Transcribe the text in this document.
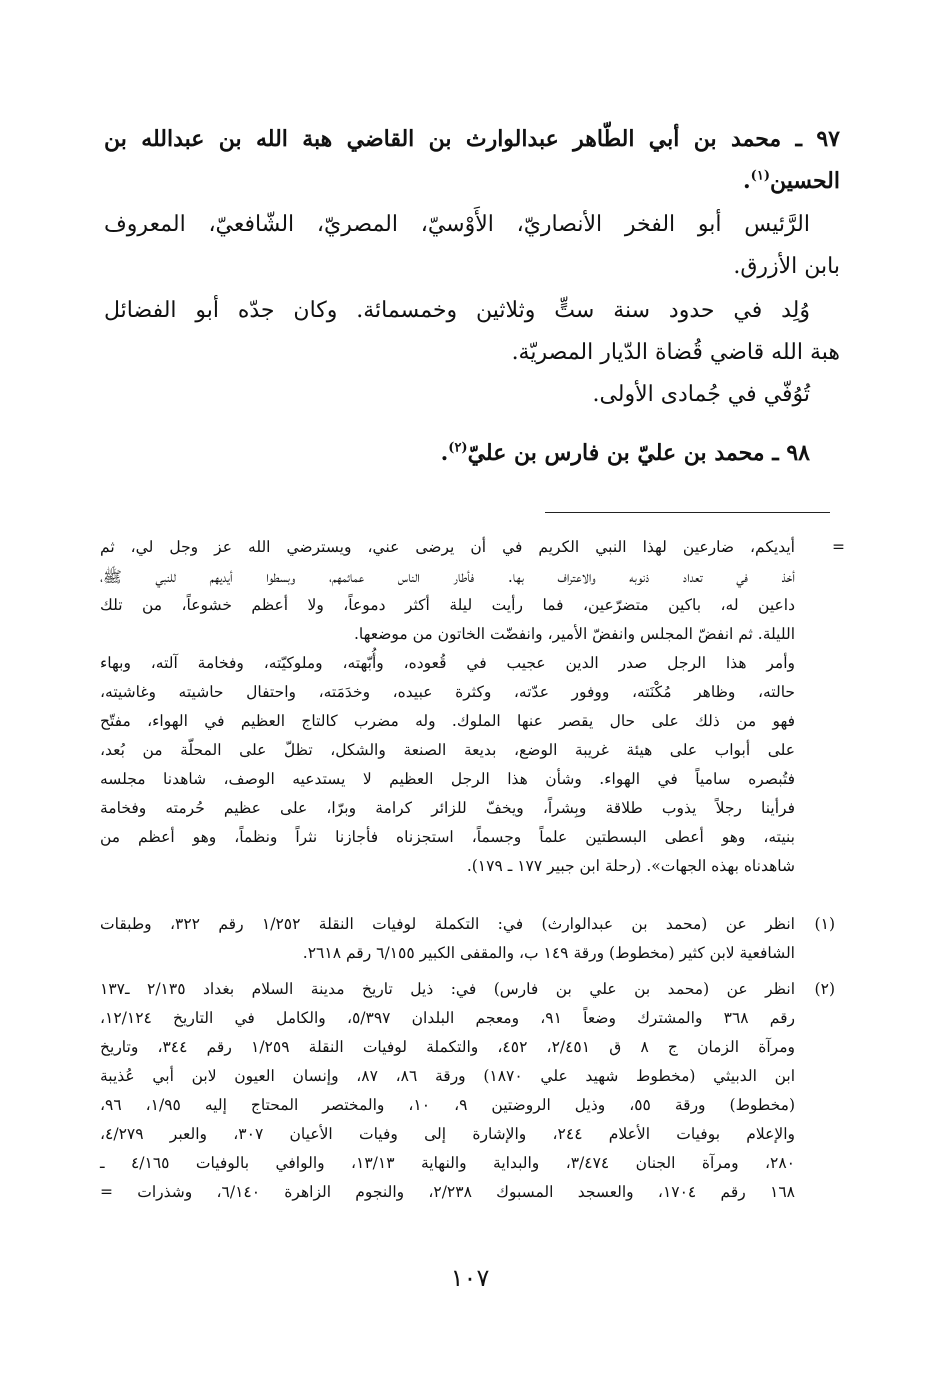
٩٧ ـ محمد بن أبي الطّاهر عبدالوارث بن القاضي هبة الله بن عبدالله بن
الحسين$^{(١)}$.
الرَّئيس أبو الفخر الأنصاريّ، الأَوْسيّ، المصريّ، الشّافعيّ، المعروف
بابن الأزرق.
وُلِد في حدود سنة ستٍّ وثلاثين وخمسمائة. وكان جدّه أبو الفضائل
هبة الله قاضي قُضاة الدّيار المصريّة.
تُوُفّي في جُمادى الأولى.
٩٨ ـ محمد بن عليّ بن فارس بن عليّ$^{(٢)}$.
=
أيديكم، ضارعين لهذا النبي الكريم في أن يرضى عني، ويسترضي الله عز وجل لي، ثم
أخذ في تعداد ذنوبه والاعتراف بها. فأطار الناس عمائمهم، وبسطوا أيديهم للنبي ﷺ،
داعين له، باكين متضرّعين، فما رأيت ليلة أكثر دموعاً، ولا أعظم خشوعاً، من تلك
الليلة. ثم انفضّ المجلس وانفضّ الأمير، وانفضّت الخاتون من موضعها.
وأمر هذا الرجل صدر الدين عجيب في قُعوده، وأُبّهته، وملوكيّته، وفخامة آلته، وبهاء
حالته، وظاهر مُكْنَته، ووفور عدّته، وكثرة عبيده، وخدَمَته، واحتفال حاشيته وغاشيته،
فهو من ذلك على حال يقصر عنها الملوك. وله مضرب كالتاج العظيم في الهواء، مفتّح
على أبواب على هيئة غريبة الوضع، بديعة الصنعة والشكل، تظلّ على المحلّة من بُعد،
فتُبصره سامياً في الهواء. وشأن هذا الرجل العظيم لا يستدعيه الوصف، شاهدنا مجلسه
فرأينا رجلاً يذوب طلاقة وبِشراً، ويخفّ للزائر كرامة وبرّا، على عظيم حُرمته وفخامة
بنيته، وهو أعطى البسطتين علماً وجسماً، استجزناه فأجازنا نثراً ونظماً، وهو أعظم من
شاهدناه بهذه الجهات». (رحلة ابن جبير ١٧٧ ـ ١٧٩).
(١)
انظر عن (محمد بن عبدالوارث) في: التكملة لوفيات النقلة ١/٢٥٢ رقم ٣٢٢، وطبقات
الشافعية لابن كثير (مخطوط) ورقة ١٤٩ ب، والمقفى الكبير ٦/١٥٥ رقم ٢٦١٨.
(٢)
انظر عن (محمد بن علي بن فارس) في: ذيل تاريخ مدينة السلام بغداد ٢/١٣٥ ـ١٣٧
رقم ٣٦٨ والمشترك وضعاً ٩١، ومعجم البلدان ٥/٣٩٧، والكامل في التاريخ ١٢/١٢٤،
ومرآة الزمان ج ٨ ق ٢/٤٥١، ٤٥٢، والتكملة لوفيات النقلة ١/٢٥٩ رقم ٣٤٤، وتاريخ
ابن الدبيثي (مخطوط شهيد علي ١٨٧٠) ورقة ٨٦، ٨٧، وإنسان العيون لابن أبي عُذيبة
(مخطوط) ورقة ٥٥، وذيل الروضتين ٩، ١٠، والمختصر المحتاج إليه ١/٩٥، ٩٦،
والإعلام بوفيات الأعلام ٢٤٤، والإشارة إلى وفيات الأعيان ٣٠٧، والعبر ٤/٢٧٩،
٢٨٠، ومرآة الجنان ٣/٤٧٤، والبداية والنهاية ١٣/١٣، والوافي بالوفيات ٤/١٦٥ ـ
١٦٨ رقم ١٧٠٤، والعسجد المسبوك ٢/٢٣٨، والنجوم الزاهرة ٦/١٤٠، وشذرات =
١٠٧
